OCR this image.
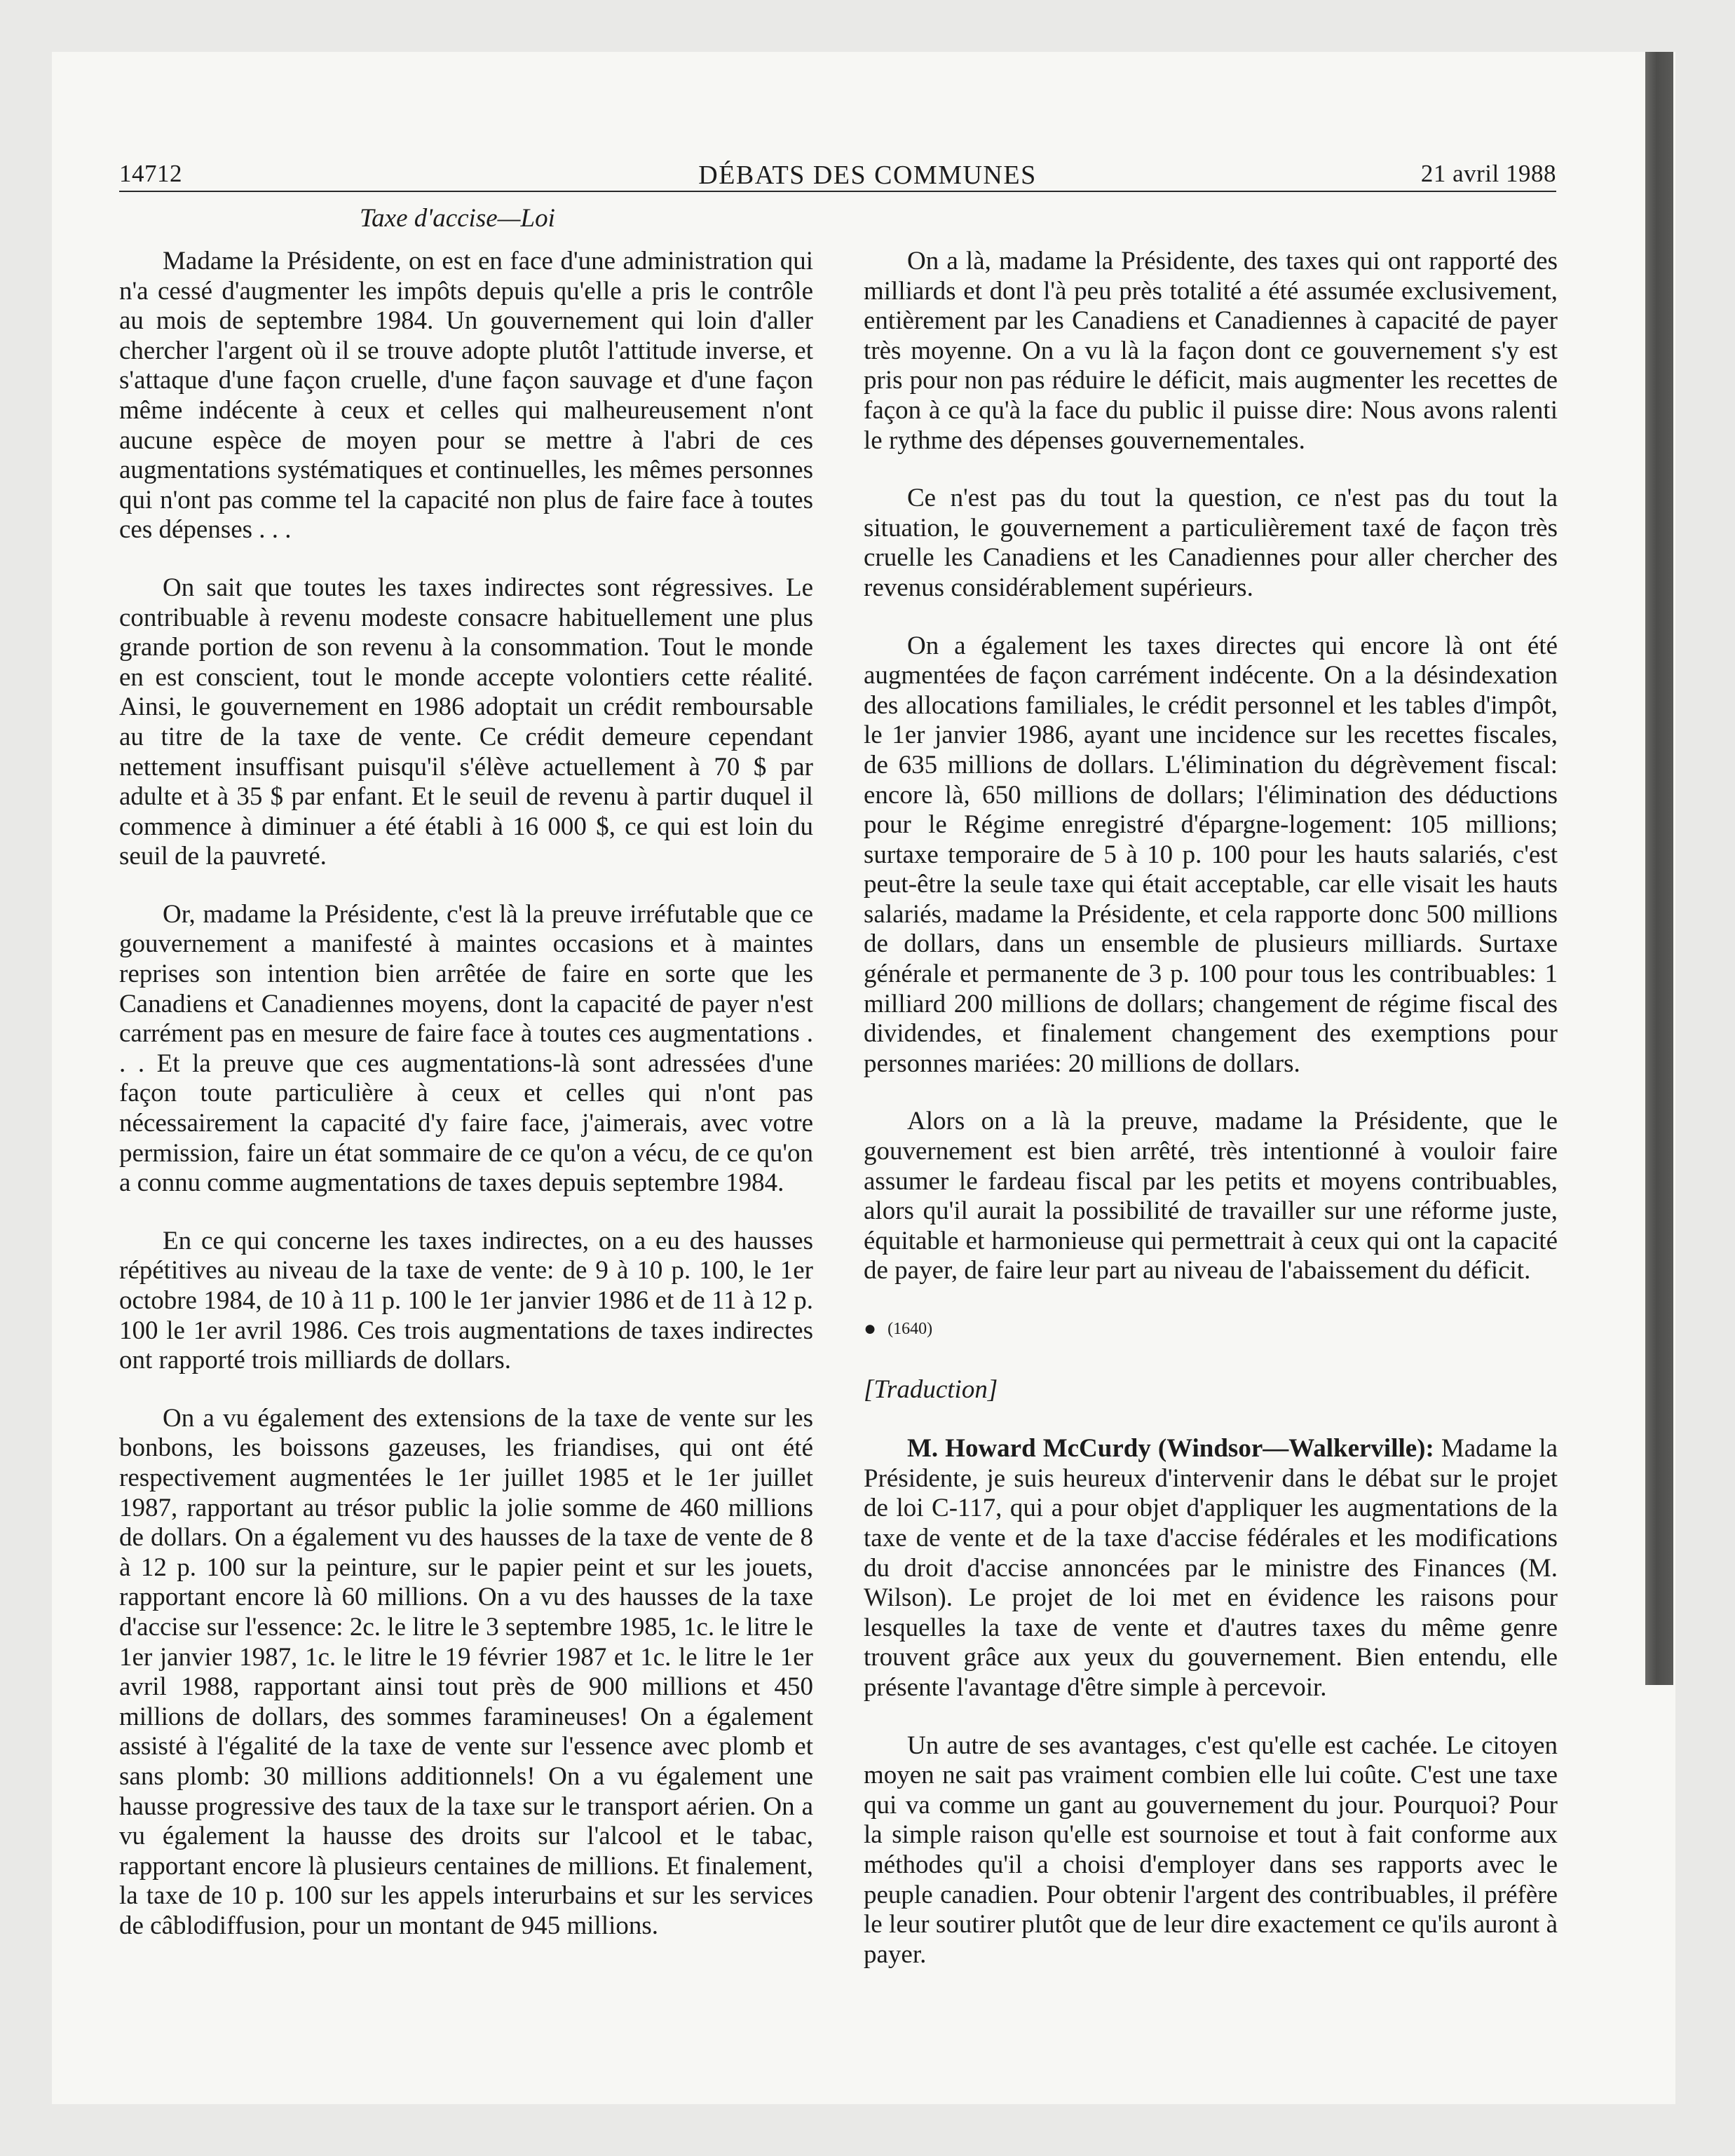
14712	DÉBATS DES COMMUNES	21 avril 1988
Taxe d'accise—Loi

Madame la Présidente, on est en face d'une administration qui n'a cessé d'augmenter les impôts depuis qu'elle a pris le contrôle au mois de septembre 1984. Un gouvernement qui loin d'aller chercher l'argent où il se trouve adopte plutôt l'attitude inverse, et s'attaque d'une façon cruelle, d'une façon sauvage et d'une façon même indécente à ceux et celles qui malheureusement n'ont aucune espèce de moyen pour se mettre à l'abri de ces augmentations systématiques et continuelles, les mêmes personnes qui n'ont pas comme tel la capacité non plus de faire face à toutes ces dépenses . . .

On sait que toutes les taxes indirectes sont régressives. Le contribuable à revenu modeste consacre habituellement une plus grande portion de son revenu à la consommation. Tout le monde en est conscient, tout le monde accepte volontiers cette réalité. Ainsi, le gouvernement en 1986 adoptait un crédit remboursable au titre de la taxe de vente. Ce crédit demeure cependant nettement insuffisant puisqu'il s'élève actuellement à 70 $ par adulte et à 35 $ par enfant. Et le seuil de revenu à partir duquel il commence à diminuer a été établi à 16 000 $, ce qui est loin du seuil de la pauvreté.

Or, madame la Présidente, c'est là la preuve irréfutable que ce gouvernement a manifesté à maintes occasions et à maintes reprises son intention bien arrêtée de faire en sorte que les Canadiens et Canadiennes moyens, dont la capacité de payer n'est carrément pas en mesure de faire face à toutes ces augmentations . . . Et la preuve que ces augmentations-là sont adressées d'une façon toute particulière à ceux et celles qui n'ont pas nécessairement la capacité d'y faire face, j'aimerais, avec votre permission, faire un état sommaire de ce qu'on a vécu, de ce qu'on a connu comme augmentations de taxes depuis septembre 1984.

En ce qui concerne les taxes indirectes, on a eu des hausses répétitives au niveau de la taxe de vente: de 9 à 10 p. 100, le 1er octobre 1984, de 10 à 11 p. 100 le 1er janvier 1986 et de 11 à 12 p. 100 le 1er avril 1986. Ces trois augmentations de taxes indirectes ont rapporté trois milliards de dollars.

On a vu également des extensions de la taxe de vente sur les bonbons, les boissons gazeuses, les friandises, qui ont été respectivement augmentées le 1er juillet 1985 et le 1er juillet 1987, rapportant au trésor public la jolie somme de 460 millions de dollars. On a également vu des hausses de la taxe de vente de 8 à 12 p. 100 sur la peinture, sur le papier peint et sur les jouets, rapportant encore là 60 millions. On a vu des hausses de la taxe d'accise sur l'essence: 2c. le litre le 3 septembre 1985, 1c. le litre le 1er janvier 1987, 1c. le litre le 19 février 1987 et 1c. le litre le 1er avril 1988, rapportant ainsi tout près de 900 millions et 450 millions de dollars, des sommes faramineuses! On a également assisté à l'égalité de la taxe de vente sur l'essence avec plomb et sans plomb: 30 millions additionnels! On a vu également une hausse progressive des taux de la taxe sur le transport aérien. On a vu également la hausse des droits sur l'alcool et le tabac, rapportant encore là plusieurs centaines de millions. Et finalement, la taxe de 10 p. 100 sur les appels interurbains et sur les services de câblodiffusion, pour un montant de 945 millions.

On a là, madame la Présidente, des taxes qui ont rapporté des milliards et dont l'à peu près totalité a été assumée exclusivement, entièrement par les Canadiens et Canadiennes à capacité de payer très moyenne. On a vu là la façon dont ce gouvernement s'y est pris pour non pas réduire le déficit, mais augmenter les recettes de façon à ce qu'à la face du public il puisse dire: Nous avons ralenti le rythme des dépenses gouvernementales.

Ce n'est pas du tout la question, ce n'est pas du tout la situation, le gouvernement a particulièrement taxé de façon très cruelle les Canadiens et les Canadiennes pour aller chercher des revenus considérablement supérieurs.

On a également les taxes directes qui encore là ont été augmentées de façon carrément indécente. On a la désindexation des allocations familiales, le crédit personnel et les tables d'impôt, le 1er janvier 1986, ayant une incidence sur les recettes fiscales, de 635 millions de dollars. L'élimination du dégrèvement fiscal: encore là, 650 millions de dollars; l'élimination des déductions pour le Régime enregistré d'épargne-logement: 105 millions; surtaxe temporaire de 5 à 10 p. 100 pour les hauts salariés, c'est peut-être la seule taxe qui était acceptable, car elle visait les hauts salariés, madame la Présidente, et cela rapporte donc 500 millions de dollars, dans un ensemble de plusieurs milliards. Surtaxe générale et permanente de 3 p. 100 pour tous les contribuables: 1 milliard 200 millions de dollars; changement de régime fiscal des dividendes, et finalement changement des exemptions pour personnes mariées: 20 millions de dollars.

Alors on a là la preuve, madame la Présidente, que le gouvernement est bien arrêté, très intentionné à vouloir faire assumer le fardeau fiscal par les petits et moyens contribuables, alors qu'il aurait la possibilité de travailler sur une réforme juste, équitable et harmonieuse qui permettrait à ceux qui ont la capacité de payer, de faire leur part au niveau de l'abaissement du déficit.

● (1640)
[Traduction]

M. Howard McCurdy (Windsor—Walkerville): Madame la Présidente, je suis heureux d'intervenir dans le débat sur le projet de loi C-117, qui a pour objet d'appliquer les augmentations de la taxe de vente et de la taxe d'accise fédérales et les modifications du droit d'accise annoncées par le ministre des Finances (M. Wilson). Le projet de loi met en évidence les raisons pour lesquelles la taxe de vente et d'autres taxes du même genre trouvent grâce aux yeux du gouvernement. Bien entendu, elle présente l'avantage d'être simple à percevoir.

Un autre de ses avantages, c'est qu'elle est cachée. Le citoyen moyen ne sait pas vraiment combien elle lui coûte. C'est une taxe qui va comme un gant au gouvernement du jour. Pourquoi? Pour la simple raison qu'elle est sournoise et tout à fait conforme aux méthodes qu'il a choisi d'employer dans ses rapports avec le peuple canadien. Pour obtenir l'argent des contribuables, il préfère le leur soutirer plutôt que de leur dire exactement ce qu'ils auront à payer.
